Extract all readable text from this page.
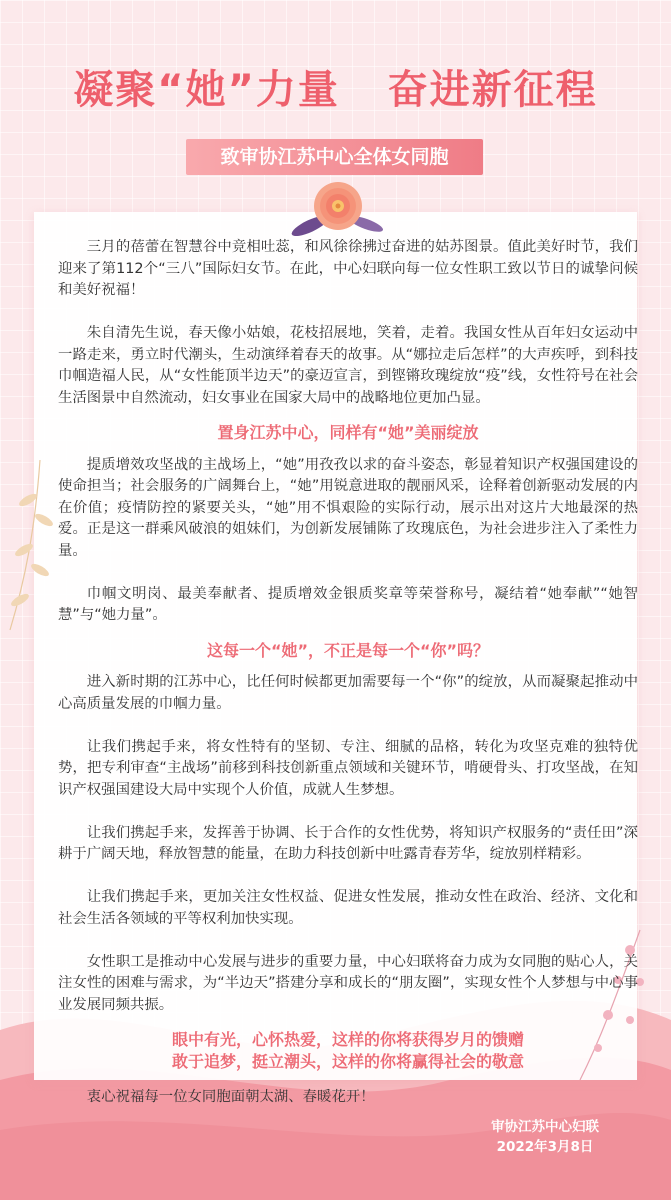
凝聚“她”力量   奋进新征程
致审协江苏中心全体女同胞

三月的蓓蕾在智慧谷中竞相吐蕊，和风徐徐拂过奋进的姑苏图景。值此美好时节，我们迎来了第112个“三八”国际妇女节。在此，中心妇联向每一位女性职工致以节日的诚挚问候和美好祝福！

朱自清先生说，春天像小姑娘，花枝招展地，笑着，走着。我国女性从百年妇女运动中一路走来，勇立时代潮头，生动演绎着春天的故事。从“娜拉走后怎样”的大声疾呼，到科技巾帼造福人民，从“女性能顶半边天”的豪迈宣言，到铿锵玫瑰绽放“疫”线，女性符号在社会生活图景中自然流动，妇女事业在国家大局中的战略地位更加凸显。

置身江苏中心，同样有“她”美丽绽放

提质增效攻坚战的主战场上，“她”用孜孜以求的奋斗姿态，彰显着知识产权强国建设的使命担当；社会服务的广阔舞台上，“她”用锐意进取的靓丽风采，诠释着创新驱动发展的内在价值；疫情防控的紧要关头，“她”用不惧艰险的实际行动，展示出对这片大地最深的热爱。正是这一群乘风破浪的姐妹们，为创新发展铺陈了玫瑰底色，为社会进步注入了柔性力量。

巾帼文明岗、最美奉献者、提质增效金银质奖章等荣誉称号，凝结着“她奉献”“她智慧”与“她力量”。

这每一个“她”，不正是每一个“你”吗？

进入新时期的江苏中心，比任何时候都更加需要每一个“你”的绽放，从而凝聚起推动中心高质量发展的巾帼力量。

让我们携起手来，将女性特有的坚韧、专注、细腻的品格，转化为攻坚克难的独特优势，把专利审查“主战场”前移到科技创新重点领域和关键环节，啃硬骨头、打攻坚战，在知识产权强国建设大局中实现个人价值，成就人生梦想。

让我们携起手来，发挥善于协调、长于合作的女性优势，将知识产权服务的“责任田”深耕于广阔天地，释放智慧的能量，在助力科技创新中吐露青春芳华，绽放别样精彩。

让我们携起手来，更加关注女性权益、促进女性发展，推动女性在政治、经济、文化和社会生活各领域的平等权利加快实现。

女性职工是推动中心发展与进步的重要力量，中心妇联将奋力成为女同胞的贴心人，关注女性的困难与需求，为“半边天”搭建分享和成长的“朋友圈”，实现女性个人梦想与中心事业发展同频共振。

眼中有光，心怀热爱，这样的你将获得岁月的馈赠
敢于追梦，挺立潮头，这样的你将赢得社会的敬意

衷心祝福每一位女同胞面朝太湖、春暖花开！

审协江苏中心妇联
2022年3月8日
